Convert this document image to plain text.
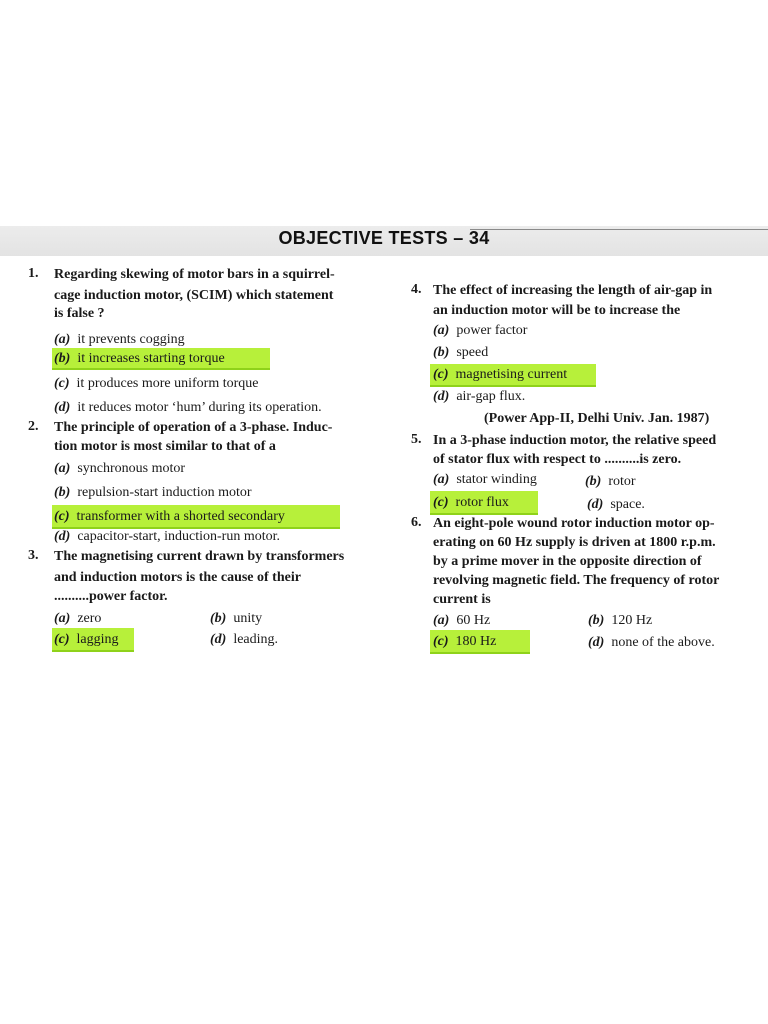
OBJECTIVE TESTS – 34
1. Regarding skewing of motor bars in a squirrel-
cage induction motor, (SCIM) which statement
is false ?
(a) it prevents cogging
(b) it increases starting torque
(c) it produces more uniform torque
(d) it reduces motor ‘hum’ during its operation.
2. The principle of operation of a 3-phase. Induc-
tion motor is most similar to that of a
(a) synchronous motor
(b) repulsion-start induction motor
(c) transformer with a shorted secondary
(d) capacitor-start, induction-run motor.
3. The magnetising current drawn by transformers
and induction motors is the cause of their
..........power factor.
(a) zero	(b) unity
(c) lagging	(d) leading.
4. The effect of increasing the length of air-gap in
an induction motor will be to increase the
(a) power factor
(b) speed
(c) magnetising current
(d) air-gap flux.
(Power App-II, Delhi Univ. Jan. 1987)
5. In a 3-phase induction motor, the relative speed
of stator flux with respect to ..........is zero.
(a) stator winding	(b) rotor
(c) rotor flux	(d) space.
6. An eight-pole wound rotor induction motor op-
erating on 60 Hz supply is driven at 1800 r.p.m.
by a prime mover in the opposite direction of
revolving magnetic field. The frequency of rotor
current is
(a) 60 Hz	(b) 120 Hz
(c) 180 Hz	(d) none of the above.
